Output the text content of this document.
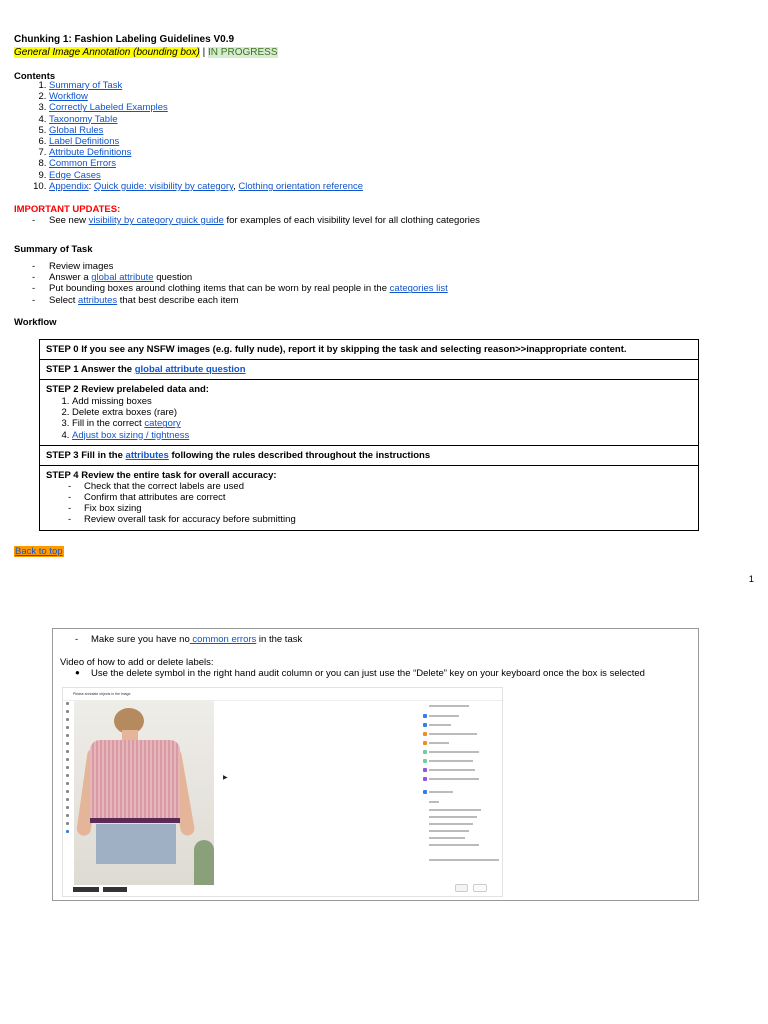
Chunking 1: Fashion Labeling Guidelines V0.9
General Image Annotation (bounding box) | IN PROGRESS
Contents
1. Summary of Task
2. Workflow
3. Correctly Labeled Examples
4. Taxonomy Table
5. Global Rules
6. Label Definitions
7. Attribute Definitions
8. Common Errors
9. Edge Cases
10. Appendix: Quick guide: visibility by category, Clothing orientation reference
IMPORTANT UPDATES:
- See new visibility by category quick guide for examples of each visibility level for all clothing categories
Summary of Task
- Review images
- Answer a global attribute question
- Put bounding boxes around clothing items that can be worn by real people in the categories list
- Select attributes that best describe each item
Workflow
Back to top
STEP 0 If you see any NSFW images (e.g. fully nude), report it by skipping the task and selecting reason>>inappropriate content.
STEP 1 Answer the global attribute question
STEP 2 Review prelabeled data and:
1. Add missing boxes
2. Delete extra boxes (rare)
3. Fill in the correct category
4. Adjust box sizing / tightness
STEP 3 Fill in the attributes following the rules described throughout the instructions
STEP 4 Review the entire task for overall accuracy:
- Check that the correct labels are used
- Confirm that attributes are correct
- Fix box sizing
- Review overall task for accuracy before submitting
1
- Make sure you have no common errors in the task
Video of how to add or delete labels:
● Use the delete symbol in the right hand audit column or you can just use the “Delete” key on your keyboard once the box is selected
Please annotate objects in the image.
▶
